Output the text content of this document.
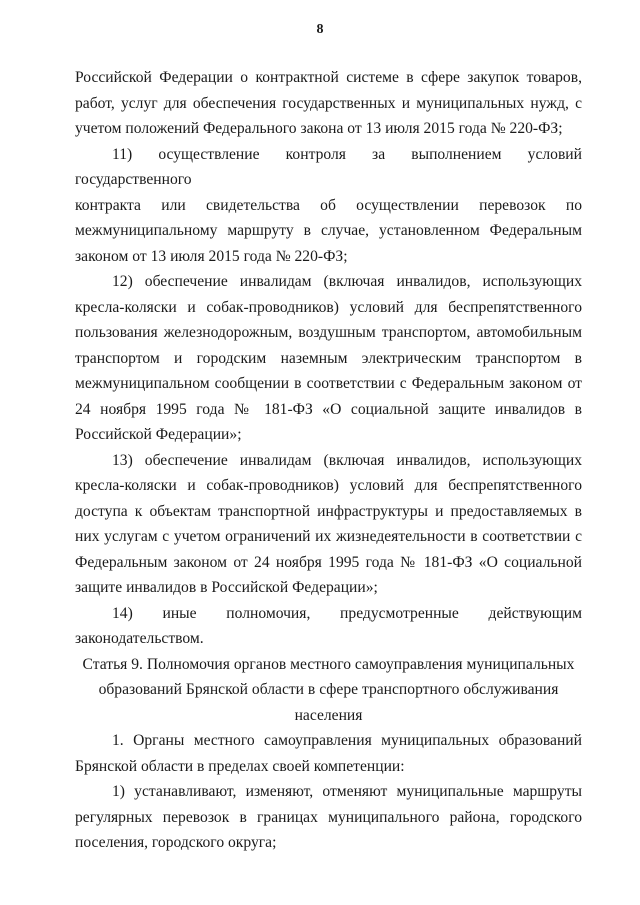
8

Российской Федерации о контрактной системе в сфере закупок товаров, работ, услуг для обеспечения государственных и муниципальных нужд, с учетом положений Федерального закона от 13 июля 2015 года № 220-ФЗ;

11) осуществление контроля за выполнением условий государственного

контракта или свидетельства об осуществлении перевозок по

межмуниципальному маршруту в случае, установленном Федеральным законом от 13 июля 2015 года № 220-ФЗ;

12) обеспечение инвалидам (включая инвалидов, использующих кресла-коляски и собак-проводников) условий для беспрепятственного пользования железнодорожным, воздушным транспортом, автомобильным транспортом и городским наземным электрическим транспортом в межмуниципальном сообщении в соответствии с Федеральным законом от 24 ноября 1995 года № 181-ФЗ «О социальной защите инвалидов в Российской Федерации»;

13) обеспечение инвалидам (включая инвалидов, использующих кресла-коляски и собак-проводников) условий для беспрепятственного доступа к объектам транспортной инфраструктуры и предоставляемых в них услугам с учетом ограничений их жизнедеятельности в соответствии с Федеральным законом от 24 ноября 1995 года № 181-ФЗ «О социальной защите инвалидов в Российской Федерации»;

14) иные полномочия, предусмотренные действующим

законодательством.

Статья 9. Полномочия органов местного самоуправления муниципальных образований Брянской области в сфере транспортного обслуживания населения

1. Органы местного самоуправления муниципальных образований Брянской области в пределах своей компетенции:

1) устанавливают, изменяют, отменяют муниципальные маршруты регулярных перевозок в границах муниципального района, городского поселения, городского округа;
